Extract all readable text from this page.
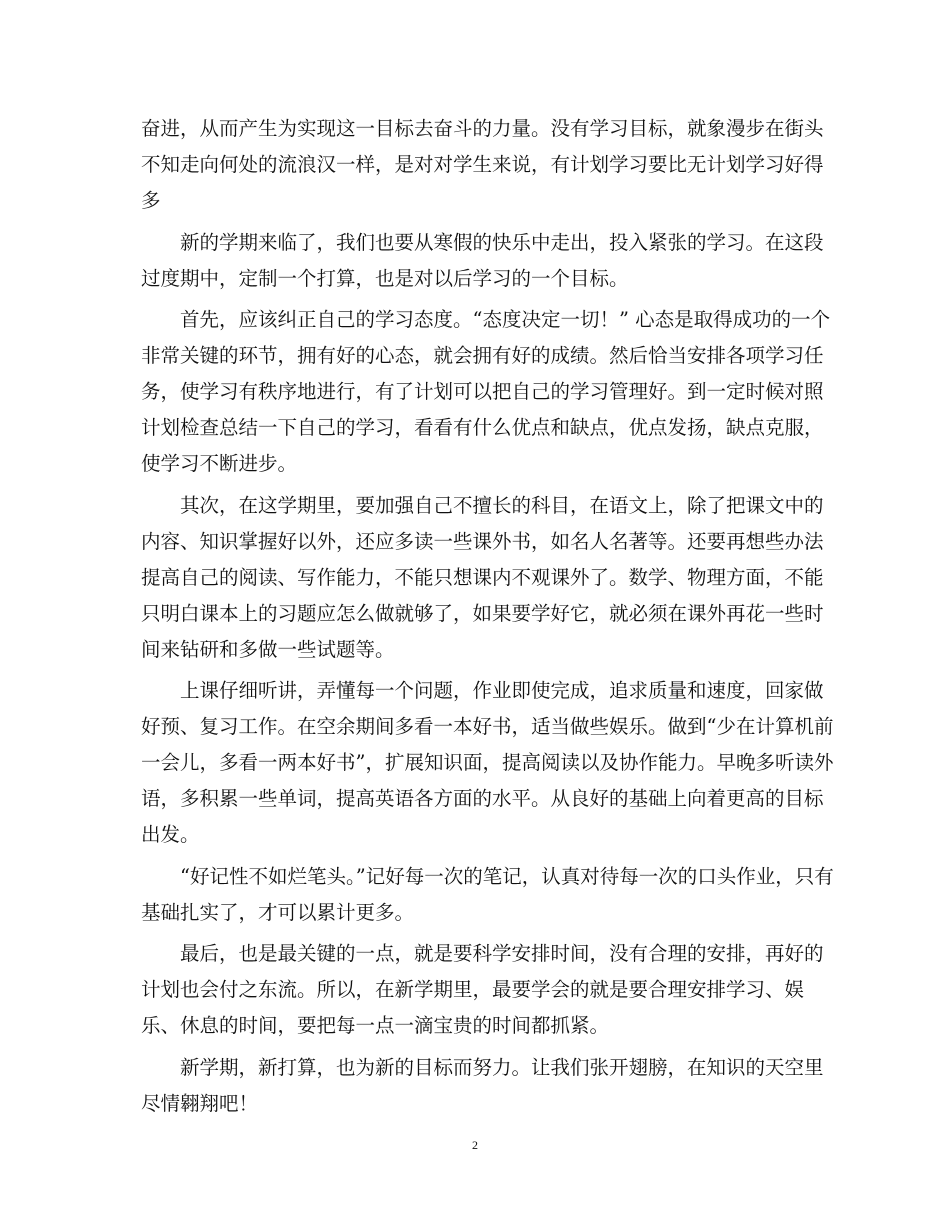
奋进，从而产生为实现这一目标去奋斗的力量。没有学习目标，就象漫步在街头
不知走向何处的流浪汉一样，是对对学生来说，有计划学习要比无计划学习好得
多
　　新的学期来临了，我们也要从寒假的快乐中走出，投入紧张的学习。在这段
过度期中，定制一个打算，也是对以后学习的一个目标。
　　首先，应该纠正自己的学习态度。“态度决定一切！” 心态是取得成功的一个
非常关键的环节，拥有好的心态，就会拥有好的成绩。然后恰当安排各项学习任
务，使学习有秩序地进行，有了计划可以把自己的学习管理好。到一定时候对照
计划检查总结一下自己的学习，看看有什么优点和缺点，优点发扬，缺点克服，
使学习不断进步。
　　其次，在这学期里，要加强自己不擅长的科目，在语文上，除了把课文中的
内容、知识掌握好以外，还应多读一些课外书，如名人名著等。还要再想些办法
提高自己的阅读、写作能力，不能只想课内不观课外了。数学、物理方面，不能
只明白课本上的习题应怎么做就够了，如果要学好它，就必须在课外再花一些时
间来钻研和多做一些试题等。
　　上课仔细听讲，弄懂每一个问题，作业即使完成，追求质量和速度，回家做
好预、复习工作。在空余期间多看一本好书，适当做些娱乐。做到“少在计算机前
一会儿，多看一两本好书”，扩展知识面，提高阅读以及协作能力。早晚多听读外
语，多积累一些单词，提高英语各方面的水平。从良好的基础上向着更高的目标
出发。
　　“好记性不如烂笔头。”记好每一次的笔记，认真对待每一次的口头作业，只有
基础扎实了，才可以累计更多。
　　最后，也是最关键的一点，就是要科学安排时间，没有合理的安排，再好的
计划也会付之东流。所以，在新学期里，最要学会的就是要合理安排学习、娱
乐、休息的时间，要把每一点一滴宝贵的时间都抓紧。
　　新学期，新打算，也为新的目标而努力。让我们张开翅膀，在知识的天空里
尽情翱翔吧！
2
